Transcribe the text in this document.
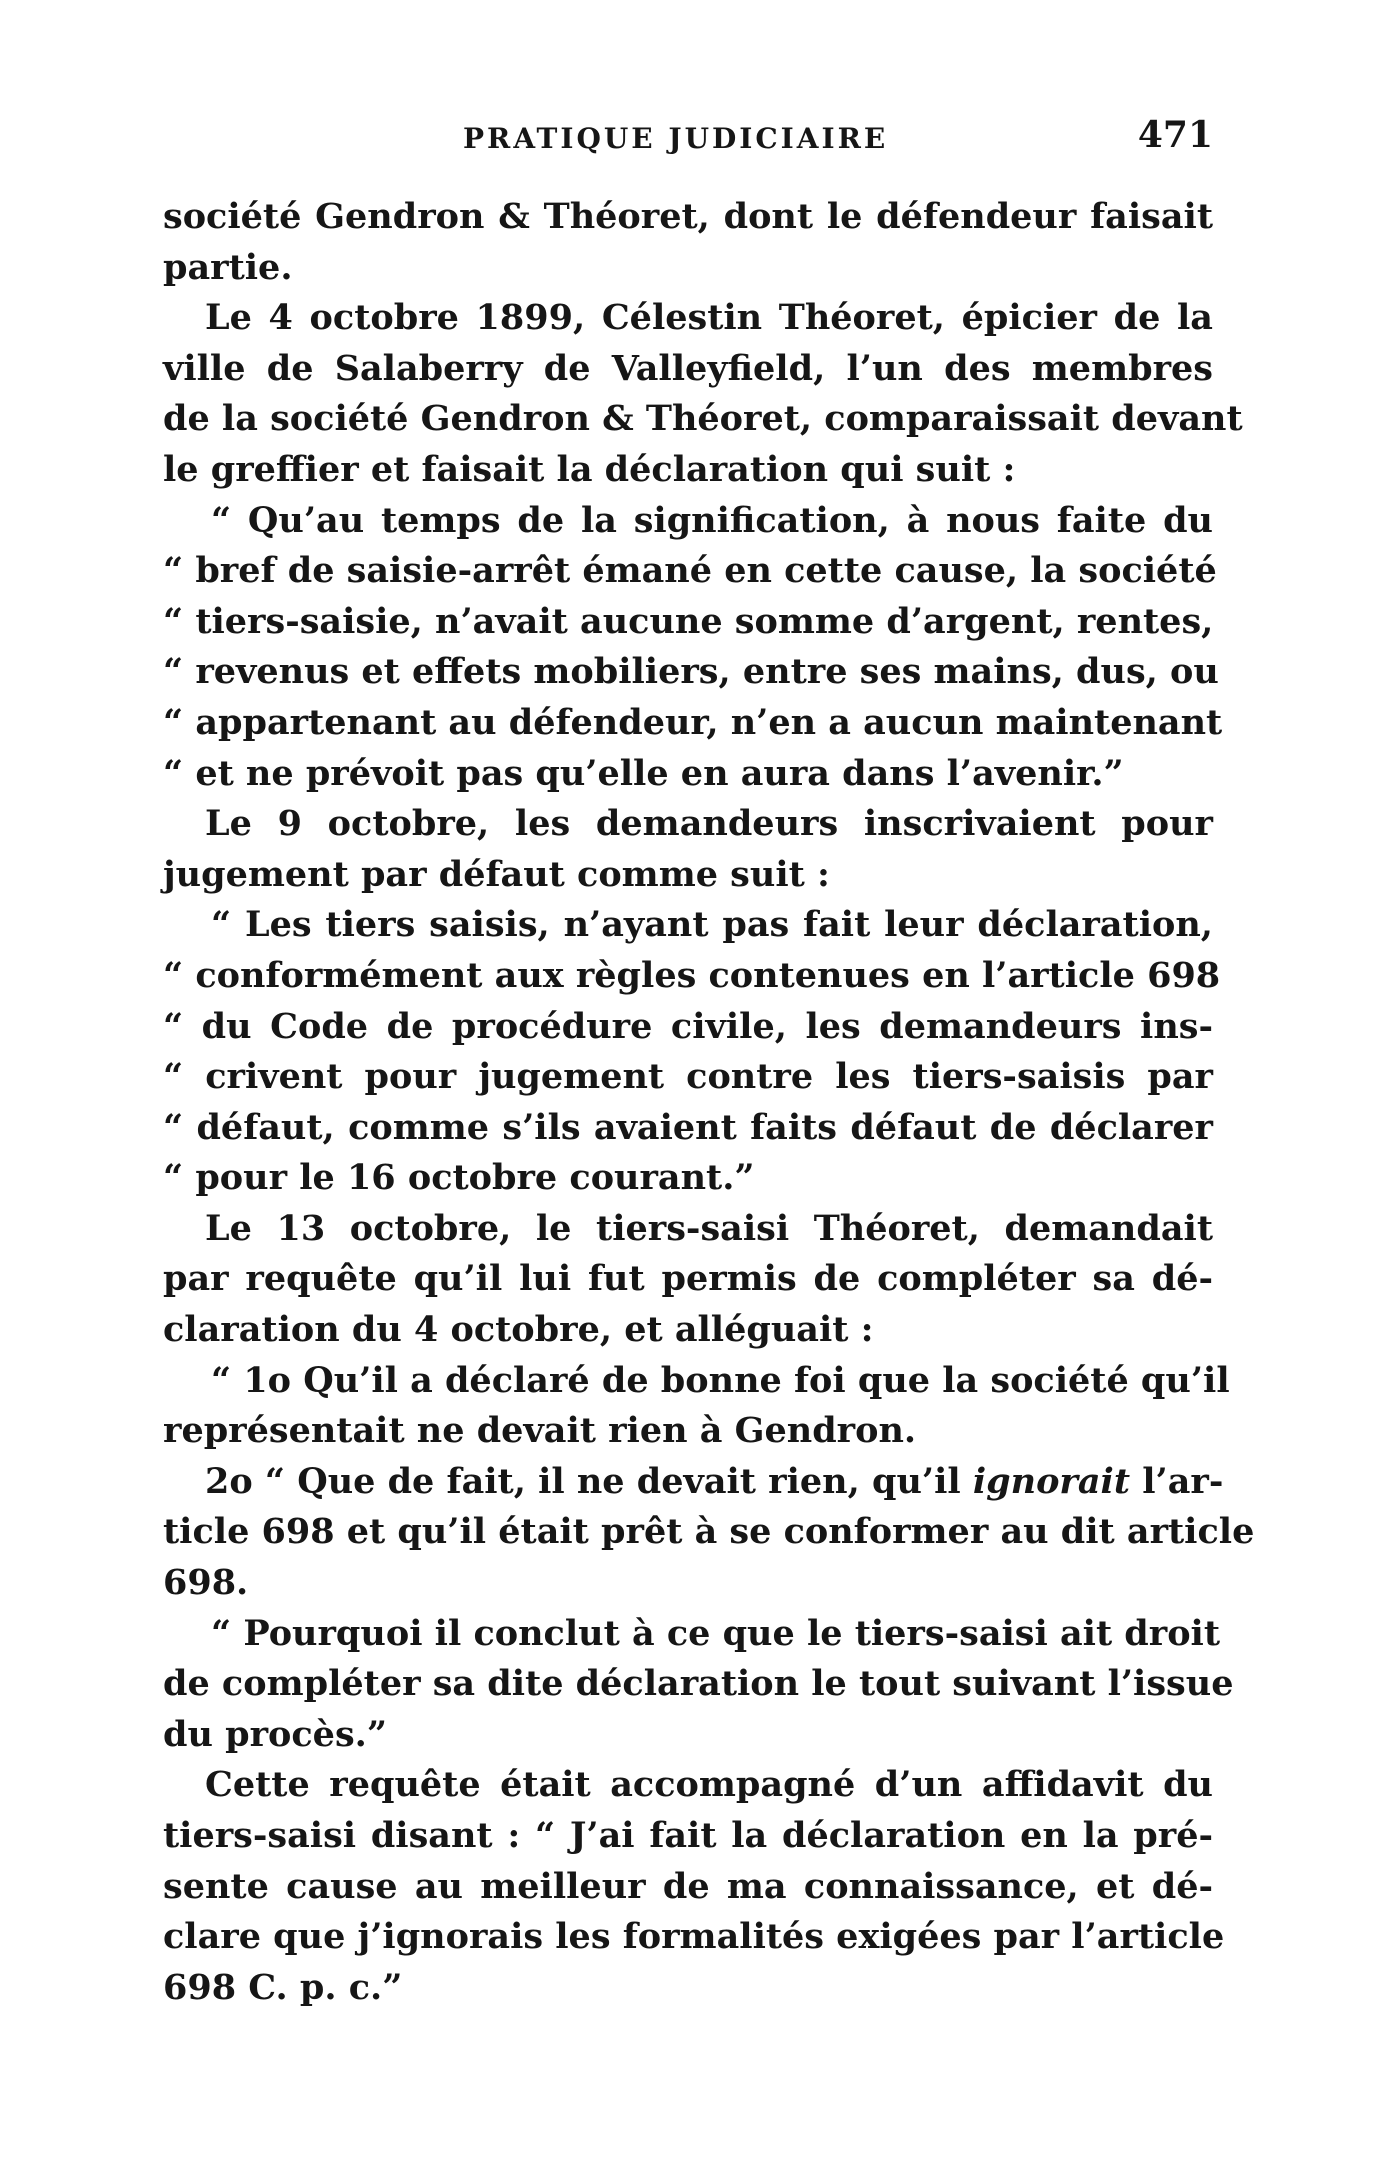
PRATIQUE JUDICIAIRE	471
société Gendron & Théoret, dont le défendeur faisait
partie.
Le 4 octobre 1899, Célestin Théoret, épicier de la
ville de Salaberry de Valleyfield, l’un des membres
de la société Gendron & Théoret, comparaissait devant
le greffier et faisait la déclaration qui suit :
“ Qu’au temps de la signification, à nous faite du
“ bref de saisie-arrêt émané en cette cause, la société
“ tiers-saisie, n’avait aucune somme d’argent, rentes,
“ revenus et effets mobiliers, entre ses mains, dus, ou
“ appartenant au défendeur, n’en a aucun maintenant
“ et ne prévoit pas qu’elle en aura dans l’avenir.”
Le 9 octobre, les demandeurs inscrivaient pour
jugement par défaut comme suit :
“ Les tiers saisis, n’ayant pas fait leur déclaration,
“ conformément aux règles contenues en l’article 698
“ du Code de procédure civile, les demandeurs ins-
“ crivent pour jugement contre les tiers-saisis par
“ défaut, comme s’ils avaient faits défaut de déclarer
“ pour le 16 octobre courant.”
Le 13 octobre, le tiers-saisi Théoret, demandait
par requête qu’il lui fut permis de compléter sa dé-
claration du 4 octobre, et alléguait :
“ 1o Qu’il a déclaré de bonne foi que la société qu’il
représentait ne devait rien à Gendron.
2o “ Que de fait, il ne devait rien, qu’il ignorait l’ar-
ticle 698 et qu’il était prêt à se conformer au dit article
698.
“ Pourquoi il conclut à ce que le tiers-saisi ait droit
de compléter sa dite déclaration le tout suivant l’issue
du procès.”
Cette requête était accompagné d’un affidavit du
tiers-saisi disant : “ J’ai fait la déclaration en la pré-
sente cause au meilleur de ma connaissance, et dé-
clare que j’ignorais les formalités exigées par l’article
698 C. p. c.”
